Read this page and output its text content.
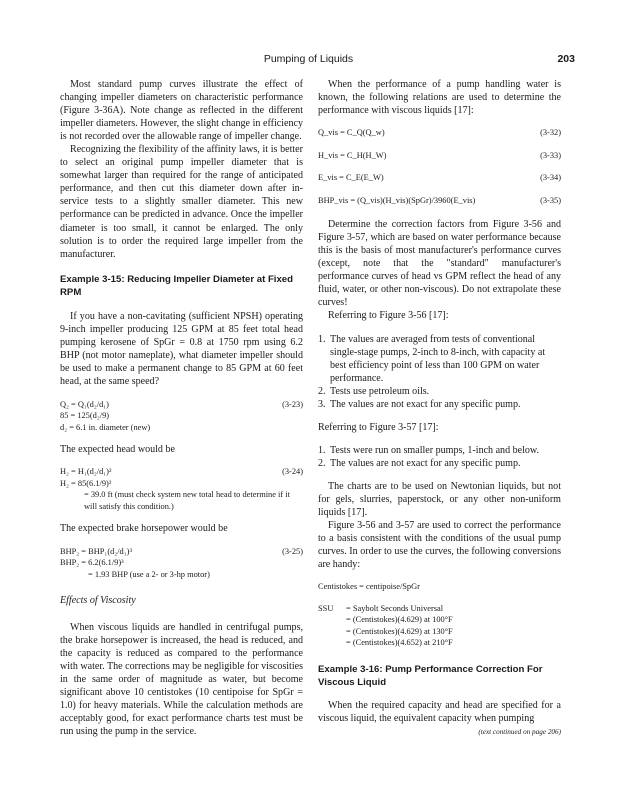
Pumping of Liquids	203

Most standard pump curves illustrate the effect of changing impeller diameters on characteristic performance (Figure 3-36A). Note change as reflected in the different impeller diameters. However, the slight change in efficiency is not recorded over the allowable range of impeller change.

Recognizing the flexibility of the affinity laws, it is better to select an original pump impeller diameter that is somewhat larger than required for the range of anticipated performance, and then cut this diameter down after in-service tests to a slightly smaller diameter. This new performance can be predicted in advance. Once the impeller diameter is too small, it cannot be enlarged. The only solution is to order the required large impeller from the manufacturer.

Example 3-15: Reducing Impeller Diameter at Fixed RPM

If you have a non-cavitating (sufficient NPSH) operating 9-inch impeller producing 125 GPM at 85 feet total head pumping kerosene of SpGr = 0.8 at 1750 rpm using 6.2 BHP (not motor nameplate), what diameter impeller should be used to make a permanent change to 85 GPM at 60 feet head, at the same speed?

Q₂ = Q₁(d₂/d₁)	(3-23)
85 = 125(d₂/9)
d₂ = 6.1 in. diameter (new)

The expected head would be

H₂ = H₁(d₂/d₁)²	(3-24)
H₂ = 85(6.1/9)²
= 39.0 ft (must check system new total head to determine if it will satisfy this condition.)

The expected brake horsepower would be

BHP₂ = BHP₁(d₂/d₁)³	(3-25)
BHP₂ = 6.2(6.1/9)³
= 1.93 BHP (use a 2- or 3-hp motor)

Effects of Viscosity

When viscous liquids are handled in centrifugal pumps, the brake horsepower is increased, the head is reduced, and the capacity is reduced as compared to the performance with water. The corrections may be negligible for viscosities in the same order of magnitude as water, but become significant above 10 centistokes (10 centipoise for SpGr = 1.0) for heavy materials. While the calculation methods are acceptably good, for exact performance charts test must be run using the pump in the service.

When the performance of a pump handling water is known, the following relations are used to determine the performance with viscous liquids [17]:

Q_vis = C_Q(Q_w)	(3-32)
H_vis = C_H(H_W)	(3-33)
E_vis = C_E(E_W)	(3-34)
BHP_vis = (Q_vis)(H_vis)(SpGr)/3960(E_vis)	(3-35)

Determine the correction factors from Figure 3-56 and Figure 3-57, which are based on water performance because this is the basis of most manufacturer's performance curves (except, note that the "standard" manufacturer's performance curves of head vs GPM reflect the head of any fluid, water, or other non-viscous). Do not extrapolate these curves!

Referring to Figure 3-56 [17]:

1. The values are averaged from tests of conventional single-stage pumps, 2-inch to 8-inch, with capacity at best efficiency point of less than 100 GPM on water performance.
2. Tests use petroleum oils.
3. The values are not exact for any specific pump.

Referring to Figure 3-57 [17]:

1. Tests were run on smaller pumps, 1-inch and below.
2. The values are not exact for any specific pump.

The charts are to be used on Newtonian liquids, but not for gels, slurries, paperstock, or any other non-uniform liquids [17].

Figure 3-56 and 3-57 are used to correct the performance to a basis consistent with the conditions of the usual pump curves. In order to use the curves, the following conversions are handy:

Centistokes = centipoise/SpGr
SSU	= Saybolt Seconds Universal
= (Centistokes)(4.629) at 100°F
= (Centistokes)(4.629) at 130°F
= (Centistokes)(4.652) at 210°F
Example 3-16: Pump Performance Correction For Viscous Liquid

When the required capacity and head are specified for a viscous liquid, the equivalent capacity when pumping

(text continued on page 206)
